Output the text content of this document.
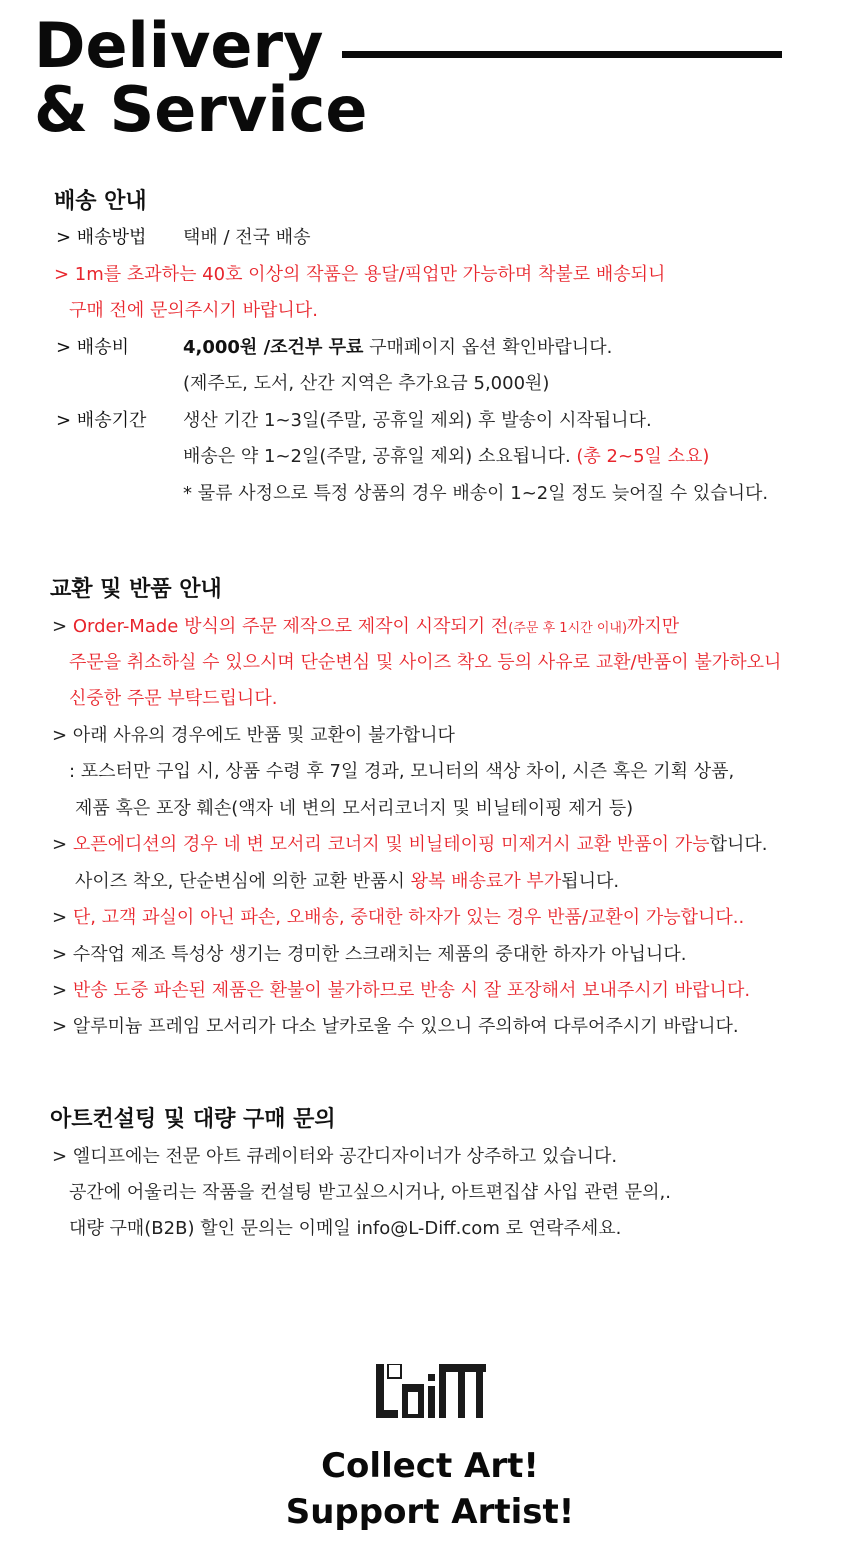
Delivery
& Service
배송 안내
> 배송방법 택배 / 전국 배송
> 1m를 초과하는 40호 이상의 작품은 용달/픽업만 가능하며 착불로 배송되니
구매 전에 문의주시기 바랍니다.
> 배송비	4,000원 /조건부 무료 구매페이지 옵션 확인바랍니다.
(제주도, 도서, 산간 지역은 추가요금 5,000원)
> 배송기간 생산 기간 1~3일(주말, 공휴일 제외) 후 발송이 시작됩니다.
배송은 약 1~2일(주말, 공휴일 제외) 소요됩니다. (총 2~5일 소요)
* 물류 사정으로 특정 상품의 경우 배송이 1~2일 정도 늦어질 수 있습니다.
교환 및 반품 안내
> Order-Made 방식의 주문 제작으로 제작이 시작되기 전(주문 후 1시간 이내)까지만
주문을 취소하실 수 있으시며 단순변심 및 사이즈 착오 등의 사유로 교환/반품이 불가하오니
신중한 주문 부탁드립니다.
> 아래 사유의 경우에도 반품 및 교환이 불가합니다
: 포스터만 구입 시, 상품 수령 후 7일 경과, 모니터의 색상 차이, 시즌 혹은 기획 상품,
제품 혹은 포장 훼손(액자 네 변의 모서리코너지 및 비닐테이핑 제거 등)
> 오픈에디션의 경우 네 변 모서리 코너지 및 비닐테이핑 미제거시 교환 반품이 가능합니다.
사이즈 착오, 단순변심에 의한 교환 반품시 왕복 배송료가 부가됩니다.
> 단, 고객 과실이 아닌 파손, 오배송, 중대한 하자가 있는 경우 반품/교환이 가능합니다..
> 수작업 제조 특성상 생기는 경미한 스크래치는 제품의 중대한 하자가 아닙니다.
> 반송 도중 파손된 제품은 환불이 불가하므로 반송 시 잘 포장해서 보내주시기 바랍니다.
> 알루미늄 프레임 모서리가 다소 날카로울 수 있으니 주의하여 다루어주시기 바랍니다.
아트컨설팅 및 대량 구매 문의
> 엘디프에는 전문 아트 큐레이터와 공간디자이너가 상주하고 있습니다.
공간에 어울리는 작품을 컨설팅 받고싶으시거나, 아트편집샵 사입 관련 문의,.
대량 구매(B2B) 할인 문의는 이메일 info@L-Diff.com 로 연락주세요.
Collect Art!
Support Artist!
